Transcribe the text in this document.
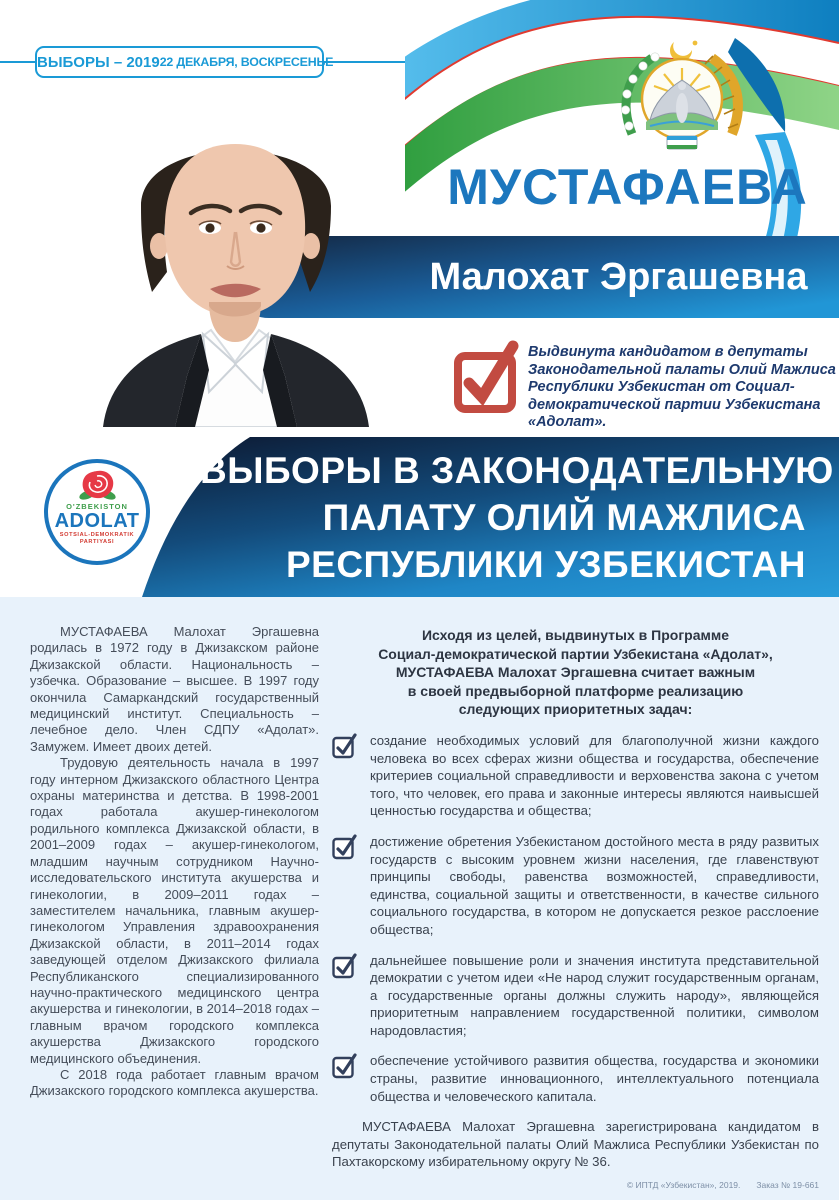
ВЫБОРЫ – 2019 22 ДЕКАБРЯ, ВОСКРЕСЕНЬЕ
МУСТАФАЕВА
Малохат Эргашевна
Выдвинута кандидатом в депутаты Законодательной палаты Олий Мажлиса Республики Узбекистан от Социал-демократической партии Узбекистана «Адолат».
ВЫБОРЫ В ЗАКОНОДАТЕЛЬНУЮ
ПАЛАТУ ОЛИЙ МАЖЛИСА
РЕСПУБЛИКИ УЗБЕКИСТАН
O'ZBEKISTON
ADOLAT
SOTSIAL-DEMOKRATIK
PARTIYASI

МУСТАФАЕВА Малохат Эргашевна родилась в 1972 году в Джизакском районе Джизакской области. Национальность – узбечка. Образование – высшее. В 1997 году окончила Самаркандский государственный медицинский институт. Специальность – лечебное дело. Член СДПУ «Адолат». Замужем. Имеет двоих детей.

Трудовую деятельность начала в 1997 году интерном Джизакского областного Центра охраны материнства и детства. В 1998-2001 годах работала акушер-гинекологом родильного комплекса Джизакской области, в 2001–2009 годах – акушер-гинекологом, младшим научным сотрудником Научно-исследовательского института акушерства и гинекологии, в 2009–2011 годах – заместителем начальника, главным акушер-гинекологом Управления здравоохранения Джизакской области, в 2011–2014 годах заведующей отделом Джизакского филиала Республиканского специализированного научно-практического медицинского центра акушерства и гинекологии, в 2014–2018 годах – главным врачом городского комплекса акушерства Джизакского городского медицинского объединения.

С 2018 года работает главным врачом Джизакского городского комплекса акушерства.

Исходя из целей, выдвинутых в Программе
Социал-демократической партии Узбекистана «Адолат»,
МУСТАФАЕВА Малохат Эргашевна считает важным
в своей предвыборной платформе реализацию
следующих приоритетных задач:
создание необходимых условий для благополучной жизни каждого человека во всех сферах жизни общества и государства, обеспечение критериев социальной справедливости и верховенства закона с учетом того, что человек, его права и законные интересы являются наивысшей ценностью государства и общества;
достижение обретения Узбекистаном достойного места в ряду развитых государств с высоким уровнем жизни населения, где главенствуют принципы свободы, равенства возможностей, справедливости, единства, социальной защиты и ответственности, в качестве сильного социального государства, в котором не допускается резкое расслоение общества;
дальнейшее повышение роли и значения института представительной демократии с учетом идеи «Не народ служит государственным органам, а государственные органы должны служить народу», являющейся приоритетным направлением государственной политики, символом народовластия;
обеспечение устойчивого развития общества, государства и экономики страны, развитие инновационного, интеллектуального потенциала общества и человеческого капитала.

МУСТАФАЕВА Малохат Эргашевна зарегистрирована кандидатом в депутаты Законодательной палаты Олий Мажлиса Республики Узбекистан по Пахтакорскому избирательному округу № 36.

© ИПТД «Узбекистан», 2019. Заказ № 19-661
